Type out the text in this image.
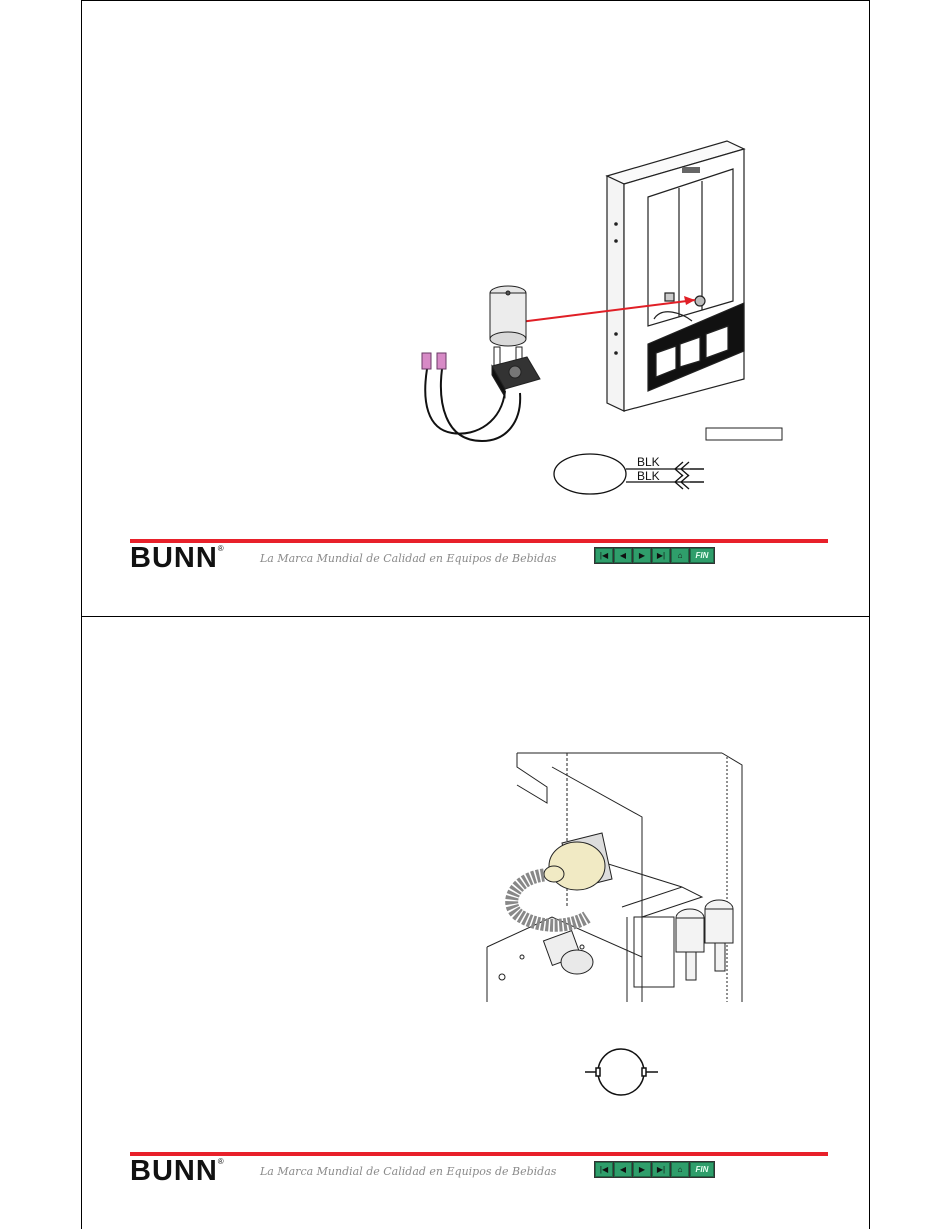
BLK
BLK
BUNN®
La Marca Mundial de Calidad en Equipos de Bebidas	|◀ ◀ ▶ ▶| ⌂	FIN
BUNN®
La Marca Mundial de Calidad en Equipos de Bebidas	|◀ ◀ ▶ ▶| ⌂	FIN
